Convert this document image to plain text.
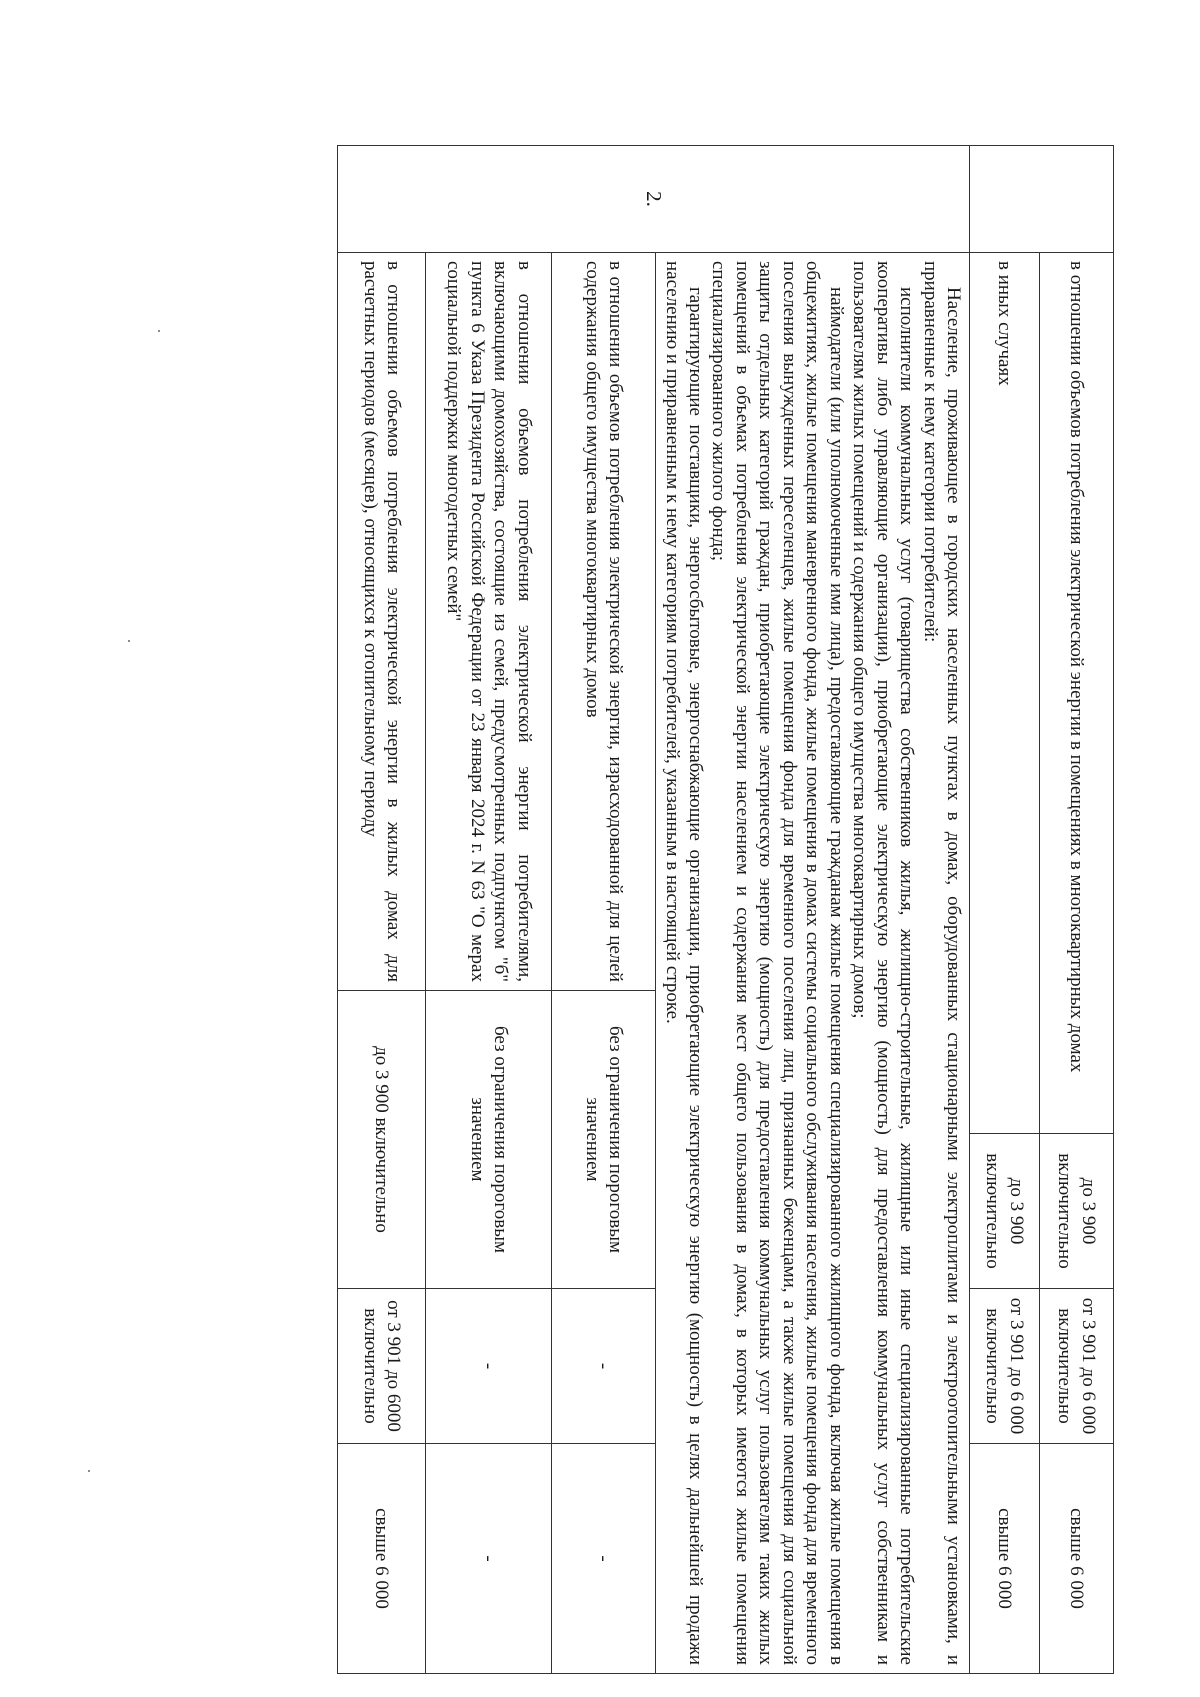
	в отношении объемов потребления электрической энергии в помещениях в многоквартирных домах		до 3 900 включительно	от 3 901 до 6 000 включительно	свыше 6 000
	в иных случаях		до 3 900 включительно	от 3 901 до 6 000 включительно	свыше 6 000
2.	Население, проживающее в городских населенных пунктах в домах, оборудованных стационарными электроплитами и электроотопительными установками, и приравненные к нему категории потребителей:

исполнители коммунальных услуг (товарищества собственников жилья, жилищно-строительные, жилищные или иные специализированные потребительские кооперативы либо управляющие организации), приобретающие электрическую энергию (мощность) для предоставления коммунальных услуг собственникам и пользователям жилых помещений и содержания общего имущества многоквартирных домов;

наймодатели (или уполномоченные ими лица), предоставляющие гражданам жилые помещения специализированного жилищного фонда, включая жилые помещения в общежитиях, жилые помещения маневренного фонда, жилые помещения в домах системы социального обслуживания населения, жилые помещения фонда для временного поселения вынужденных переселенцев, жилые помещения фонда для временного поселения лиц, признанных беженцами, а также жилые помещения для социальной защиты отдельных категорий граждан, приобретающие электрическую энергию (мощность) для предоставления коммунальных услуг пользователям таких жилых помещений в объемах потребления электрической энергии населением и содержания мест общего пользования в домах, в которых имеются жилые помещения специализированного жилого фонда;

гарантирующие поставщики, энергосбытовые, энергоснабжающие организации, приобретающие электрическую энергию (мощность) в целях дальнейшей продажи населению и приравненным к нему категориям потребителей, указанным в настоящей строке.				

	в отношении объемов потребления электрической энергии, израсходованной для целей содержания общего имущества многоквартирных домов	без ограничения пороговым значением		-	-
	в отношении объемов потребления электрической энергии потребителями, включающими домохозяйства, состоящие из семей, предусмотренных подпунктом "б" пункта 6 Указа Президента Российской Федерации от 23 января 2024 г. N 63 "О мерах социальной поддержки многодетных семей"	без ограничения пороговым значением		-	-
	в отношении объемов потребления электрической энергии в жилых домах для расчетных периодов (месяцев), относящихся к отопительному периоду	до 3 900 включительно		от 3 901 до 6000 включительно	свыше 6 000
